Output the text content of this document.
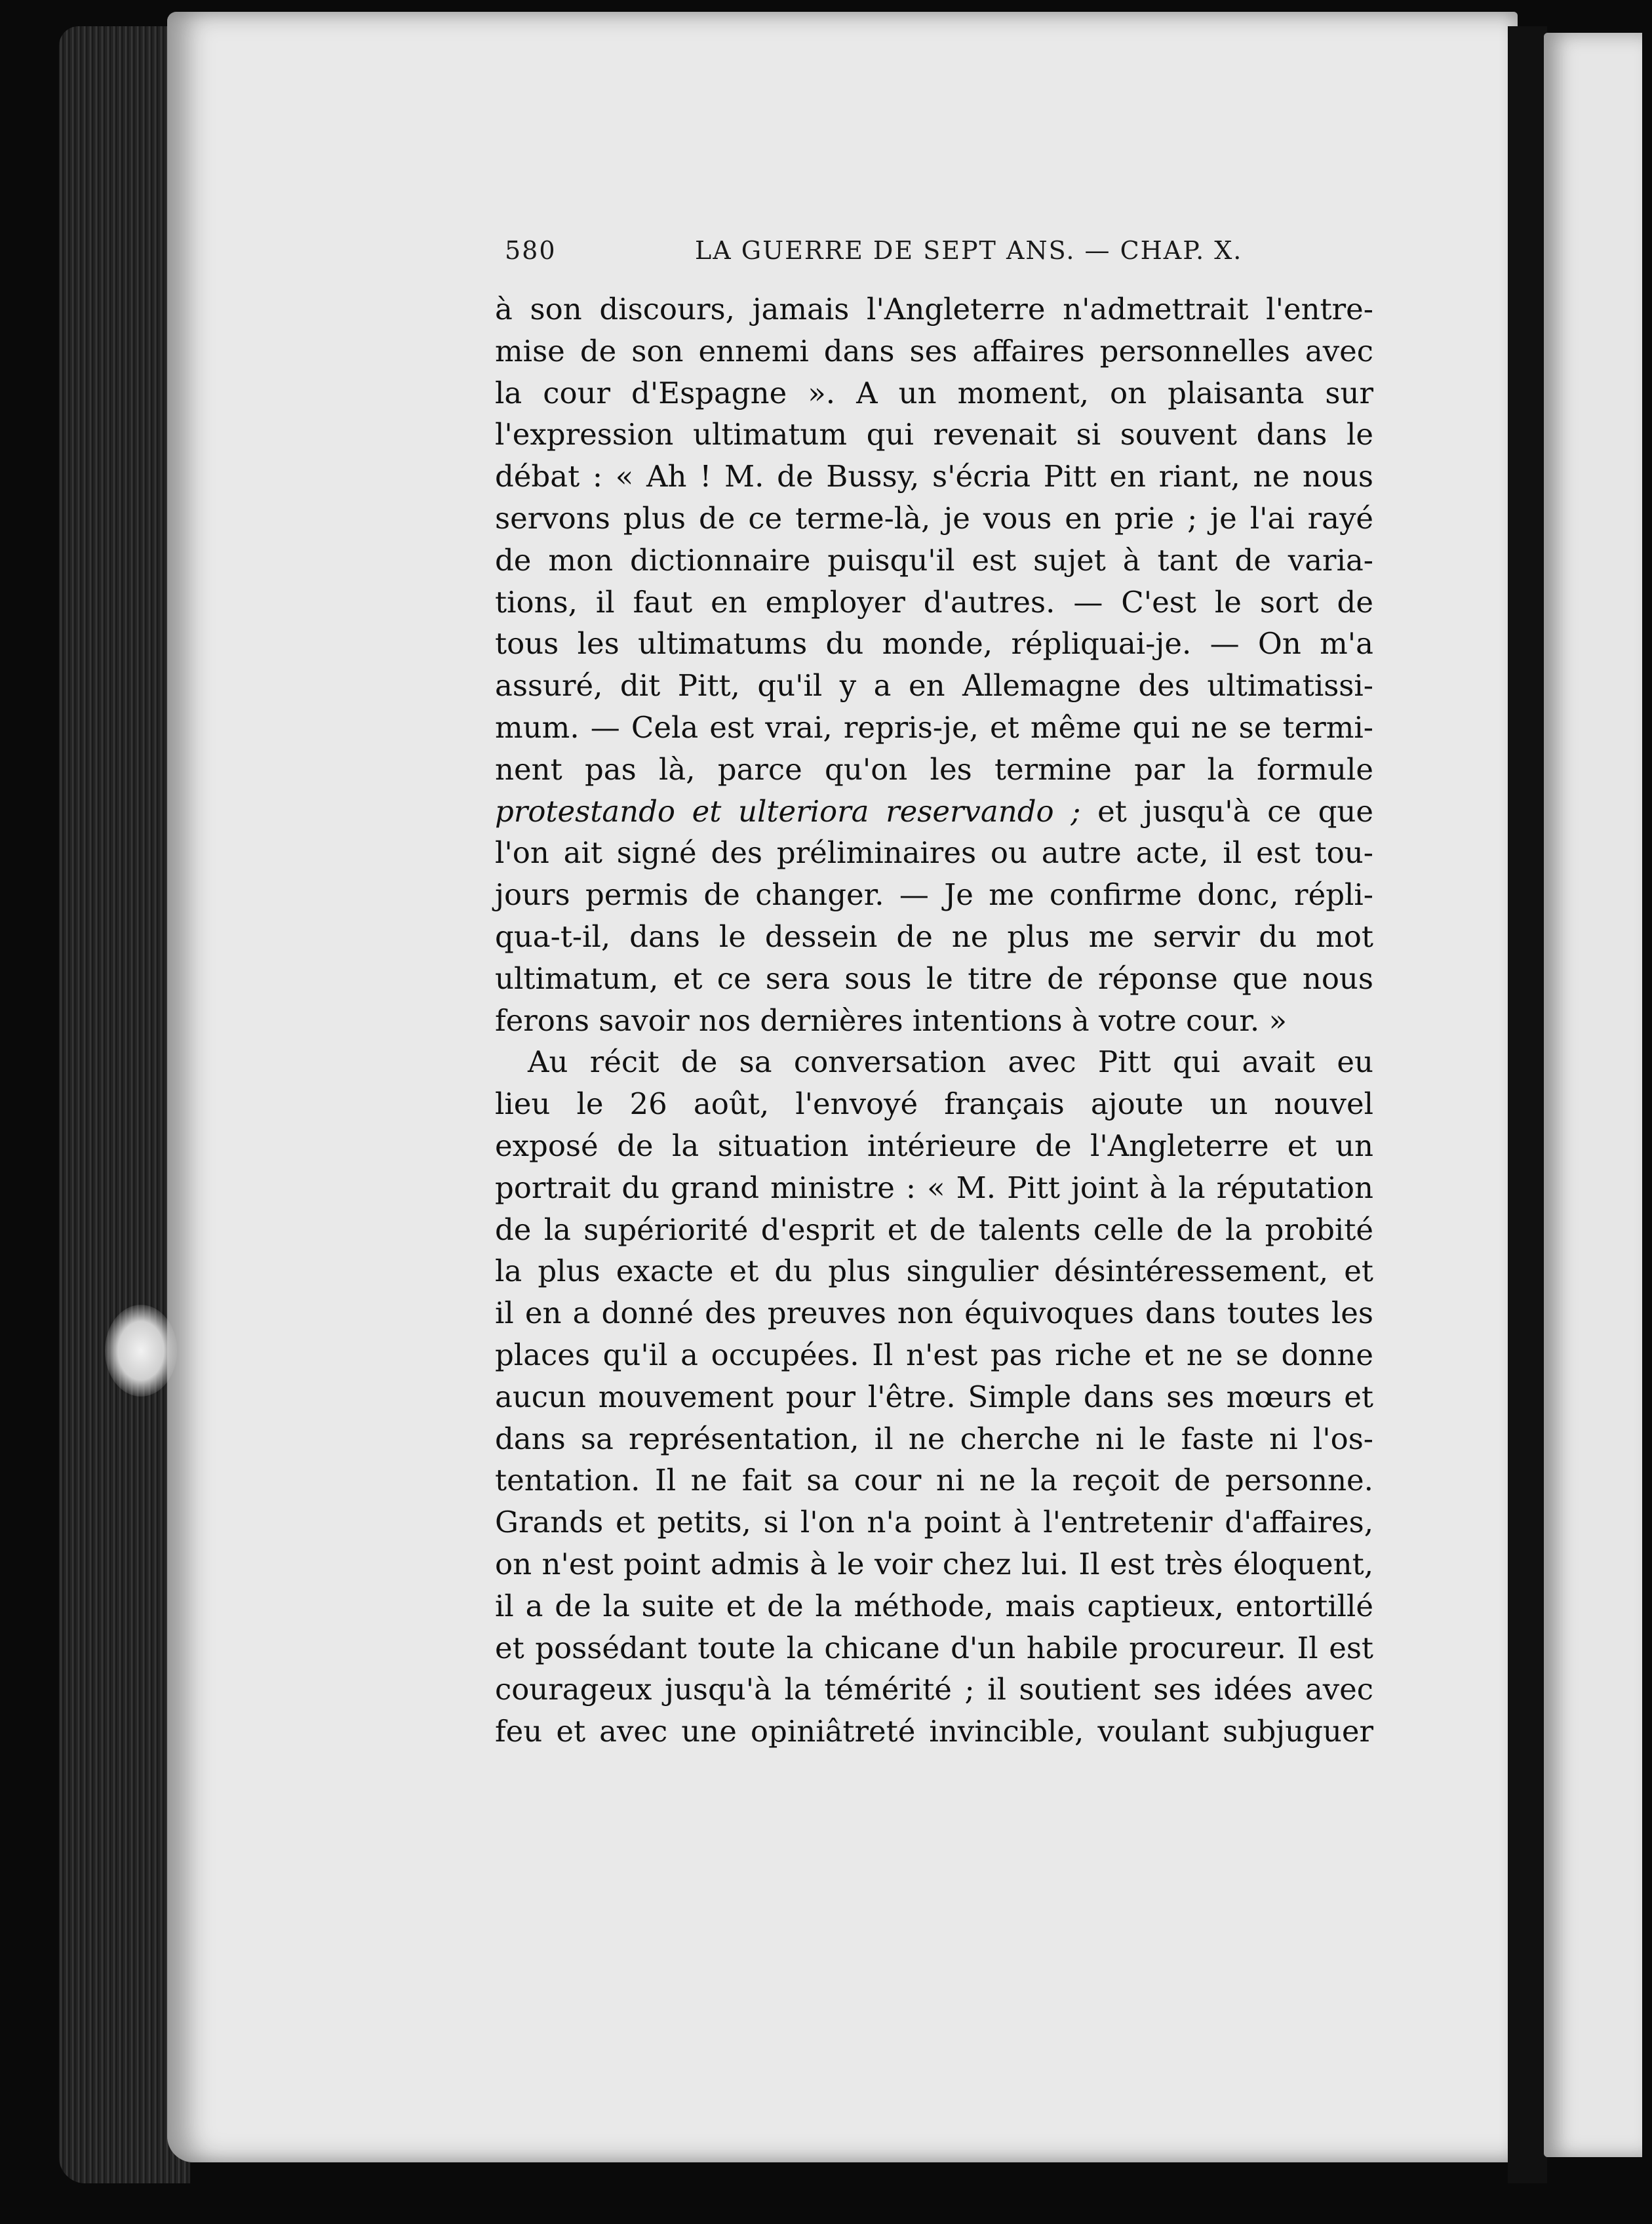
580	LA GUERRE DE SEPT ANS. — CHAP. X.
à son discours, jamais l'Angleterre n'admettrait l'entre-
mise de son ennemi dans ses affaires personnelles avec
la cour d'Espagne ». A un moment, on plaisanta sur
l'expression ultimatum qui revenait si souvent dans le
débat : « Ah ! M. de Bussy, s'écria Pitt en riant, ne nous
servons plus de ce terme-là, je vous en prie ; je l'ai rayé
de mon dictionnaire puisqu'il est sujet à tant de varia-
tions, il faut en employer d'autres. — C'est le sort de
tous les ultimatums du monde, répliquai-je. — On m'a
assuré, dit Pitt, qu'il y a en Allemagne des ultimatissi-
mum. — Cela est vrai, repris-je, et même qui ne se termi-
nent pas là, parce qu'on les termine par la formule
protestando et ulteriora reservando ; et jusqu'à ce que
l'on ait signé des préliminaires ou autre acte, il est tou-
jours permis de changer. — Je me confirme donc, répli-
qua-t-il, dans le dessein de ne plus me servir du mot
ultimatum, et ce sera sous le titre de réponse que nous
ferons savoir nos dernières intentions à votre cour. »
Au récit de sa conversation avec Pitt qui avait eu
lieu le 26 août, l'envoyé français ajoute un nouvel
exposé de la situation intérieure de l'Angleterre et un
portrait du grand ministre : « M. Pitt joint à la réputation
de la supériorité d'esprit et de talents celle de la probité
la plus exacte et du plus singulier désintéressement, et
il en a donné des preuves non équivoques dans toutes les
places qu'il a occupées. Il n'est pas riche et ne se donne
aucun mouvement pour l'être. Simple dans ses mœurs et
dans sa représentation, il ne cherche ni le faste ni l'os-
tentation. Il ne fait sa cour ni ne la reçoit de personne.
Grands et petits, si l'on n'a point à l'entretenir d'affaires,
on n'est point admis à le voir chez lui. Il est très éloquent,
il a de la suite et de la méthode, mais captieux, entortillé
et possédant toute la chicane d'un habile procureur. Il est
courageux jusqu'à la témérité ; il soutient ses idées avec
feu et avec une opiniâtreté invincible, voulant subjuguer
